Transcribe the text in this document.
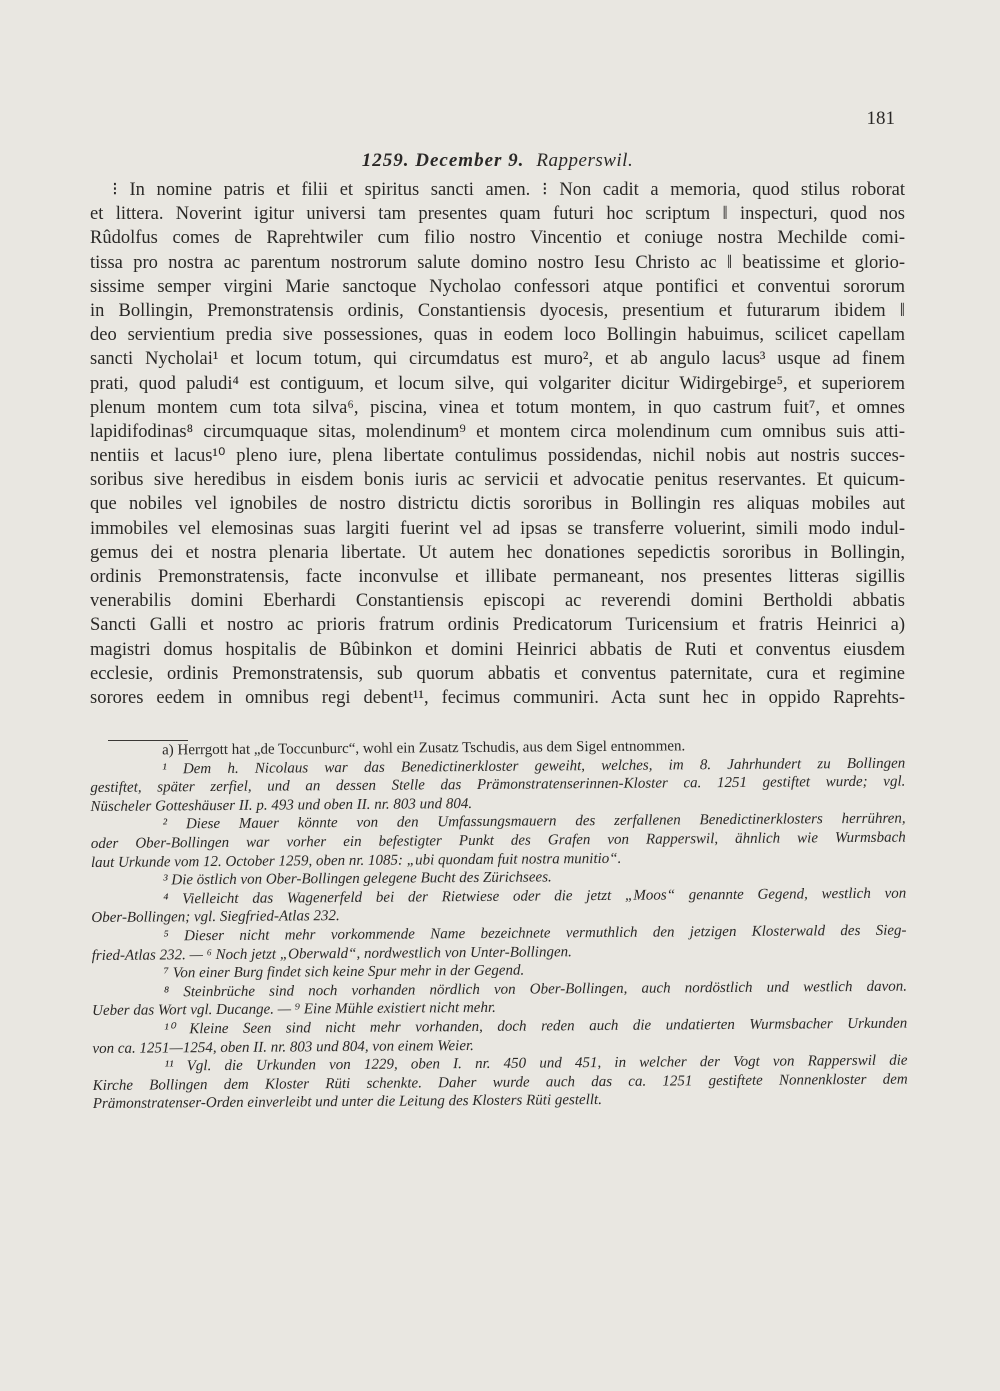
181
1259. December 9. Rapperswil.
⁝ In nomine patris et filii et spiritus sancti amen. ⁝ Non cadit a memoria, quod stilus roborat
et littera. Noverint igitur universi tam presentes quam futuri hoc scriptum ‖ inspecturi, quod nos
Rûdolfus comes de Raprehtwiler cum filio nostro Vincentio et coniuge nostra Mechilde comi-
tissa pro nostra ac parentum nostrorum salute domino nostro Iesu Christo ac ‖ beatissime et glorio-
sissime semper virgini Marie sanctoque Nycholao confessori atque pontifici et conventui sororum
in Bollingin, Premonstratensis ordinis, Constantiensis dyocesis, presentium et futurarum ibidem ‖
deo servientium predia sive possessiones, quas in eodem loco Bollingin habuimus, scilicet capellam
sancti Nycholai¹ et locum totum, qui circumdatus est muro², et ab angulo lacus³ usque ad finem
prati, quod paludi⁴ est contiguum, et locum silve, qui volgariter dicitur Widirgebirge⁵, et superiorem
plenum montem cum tota silva⁶, piscina, vinea et totum montem, in quo castrum fuit⁷, et omnes
lapidifodinas⁸ circumquaque sitas, molendinum⁹ et montem circa molendinum cum omnibus suis atti-
nentiis et lacus¹⁰ pleno iure, plena libertate contulimus possidendas, nichil nobis aut nostris succes-
soribus sive heredibus in eisdem bonis iuris ac servicii et advocatie penitus reservantes. Et quicum-
que nobiles vel ignobiles de nostro districtu dictis sororibus in Bollingin res aliquas mobiles aut
immobiles vel elemosinas suas largiti fuerint vel ad ipsas se transferre voluerint, simili modo indul-
gemus dei et nostra plenaria libertate. Ut autem hec donationes sepedictis sororibus in Bollingin,
ordinis Premonstratensis, facte inconvulse et illibate permaneant, nos presentes litteras sigillis
venerabilis domini Eberhardi Constantiensis episcopi ac reverendi domini Bertholdi abbatis
Sancti Galli et nostro ac prioris fratrum ordinis Predicatorum Turicensium et fratris Heinrici a)
magistri domus hospitalis de Bûbinkon et domini Heinrici abbatis de Ruti et conventus eiusdem
ecclesie, ordinis Premonstratensis, sub quorum abbatis et conventus paternitate, cura et regimine
sorores eedem in omnibus regi debent¹¹, fecimus communiri. Acta sunt hec in oppido Raprehts-
a) Herrgott hat „de Toccunburc“, wohl ein Zusatz Tschudis, aus dem Sigel entnommen.
¹ Dem h. Nicolaus war das Benedictinerkloster geweiht, welches, im 8. Jahrhundert zu Bollingen
gestiftet, später zerfiel, und an dessen Stelle das Prämonstratenserinnen-Kloster ca. 1251 gestiftet wurde; vgl.
Nüscheler Gotteshäuser II. p. 493 und oben II. nr. 803 und 804.
² Diese Mauer könnte von den Umfassungsmauern des zerfallenen Benedictinerklosters herrühren,
oder Ober-Bollingen war vorher ein befestigter Punkt des Grafen von Rapperswil, ähnlich wie Wurmsbach
laut Urkunde vom 12. October 1259, oben nr. 1085: „ubi quondam fuit nostra munitio“.
³ Die östlich von Ober-Bollingen gelegene Bucht des Zürichsees.
⁴ Vielleicht das Wagenerfeld bei der Rietwiese oder die jetzt „Moos“ genannte Gegend, westlich von
Ober-Bollingen; vgl. Siegfried-Atlas 232.
⁵ Dieser nicht mehr vorkommende Name bezeichnete vermuthlich den jetzigen Klosterwald des Sieg-
fried-Atlas 232. — ⁶ Noch jetzt „Oberwald“, nordwestlich von Unter-Bollingen.
⁷ Von einer Burg findet sich keine Spur mehr in der Gegend.
⁸ Steinbrüche sind noch vorhanden nördlich von Ober-Bollingen, auch nordöstlich und westlich davon.
Ueber das Wort vgl. Ducange. — ⁹ Eine Mühle existiert nicht mehr.
¹⁰ Kleine Seen sind nicht mehr vorhanden, doch reden auch die undatierten Wurmsbacher Urkunden
von ca. 1251—1254, oben II. nr. 803 und 804, von einem Weier.
¹¹ Vgl. die Urkunden von 1229, oben I. nr. 450 und 451, in welcher der Vogt von Rapperswil die
Kirche Bollingen dem Kloster Rüti schenkte. Daher wurde auch das ca. 1251 gestiftete Nonnenkloster dem
Prämonstratenser-Orden einverleibt und unter die Leitung des Klosters Rüti gestellt.
